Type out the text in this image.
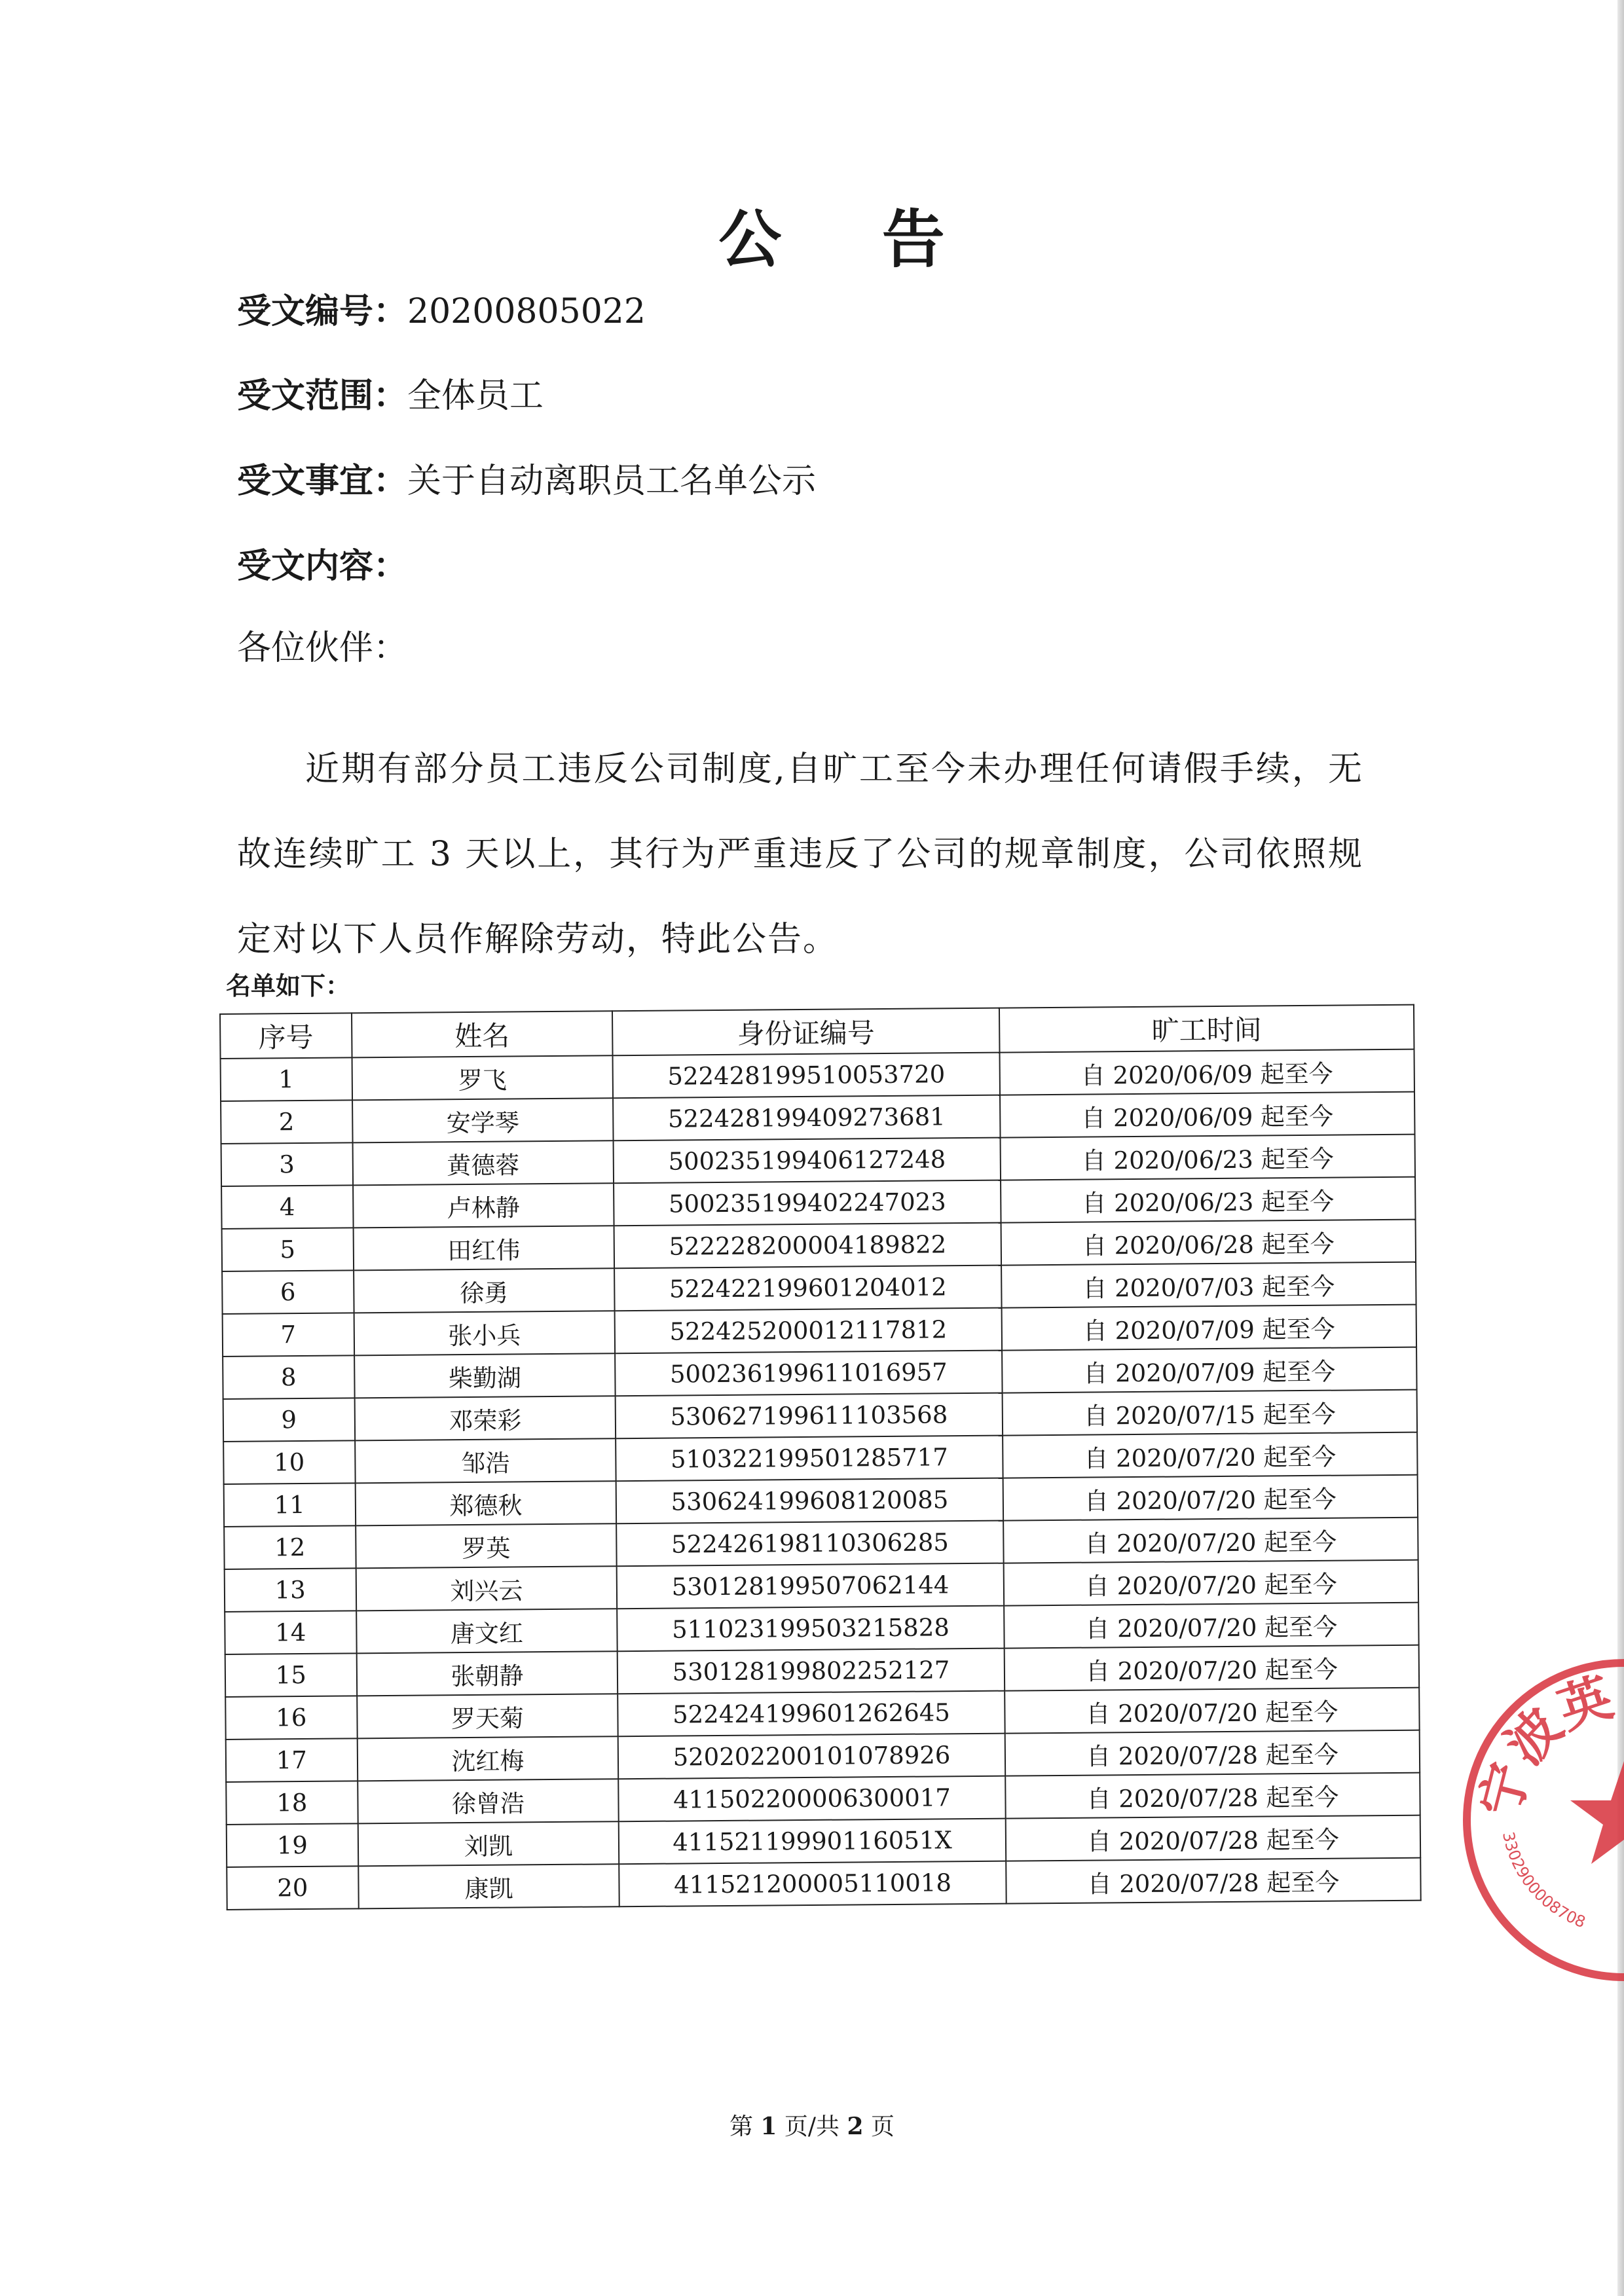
公 告
受文编号：20200805022
受文范围：全体员工
受文事宜：关于自动离职员工名单公示
受文内容：
各位伙伴：
近期有部分员工违反公司制度,自旷工至今未办理任何请假手续，无故连续旷工 3 天以上，其行为严重违反了公司的规章制度，公司依照规定对以下人员作解除劳动，特此公告。
名单如下：
序号	姓名	身份证编号	旷工时间
1	罗飞	522428199510053720	自 2020/06/09 起至今
2	安学琴	522428199409273681	自 2020/06/09 起至今
3	黄德蓉	500235199406127248	自 2020/06/23 起至今
4	卢林静	500235199402247023	自 2020/06/23 起至今
5	田红伟	522228200004189822	自 2020/06/28 起至今
6	徐勇	522422199601204012	自 2020/07/03 起至今
7	张小兵	522425200012117812	自 2020/07/09 起至今
8	柴勤湖	500236199611016957	自 2020/07/09 起至今
9	邓荣彩	530627199611103568	自 2020/07/15 起至今
10	邹浩	510322199501285717	自 2020/07/20 起至今
11	郑德秋	530624199608120085	自 2020/07/20 起至今
12	罗英	522426198110306285	自 2020/07/20 起至今
13	刘兴云	530128199507062144	自 2020/07/20 起至今
14	唐文红	511023199503215828	自 2020/07/20 起至今
15	张朝静	530128199802252127	自 2020/07/20 起至今
16	罗天菊	522424199601262645	自 2020/07/20 起至今
17	沈红梅	520202200101078926	自 2020/07/28 起至今
18	徐曾浩	411502200006300017	自 2020/07/28 起至今
19	刘凯	41152119990116051X	自 2020/07/28 起至今
20	康凯	411521200005110018	自 2020/07/28 起至今
第 1 页/共 2 页
宁波英
3302900008708
